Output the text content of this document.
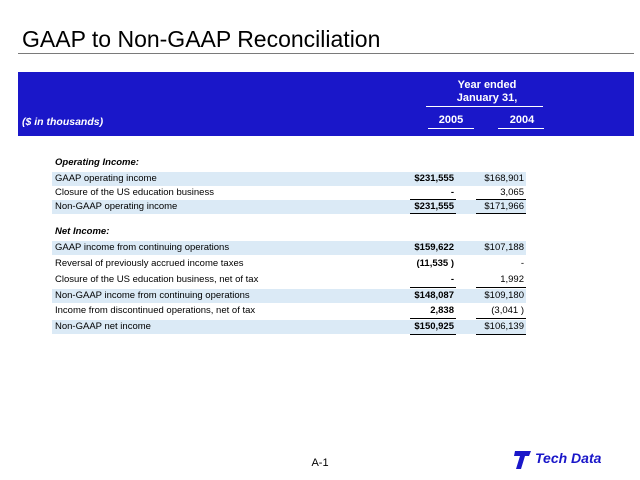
GAAP to Non-GAAP Reconciliation
Year ended
January 31,
($ in thousands)	2005	2004
Operating Income:
GAAP operating income	$231,555	$168,901
Closure of the US education business	-	3,065
Non-GAAP operating income	$231,555	$171,966
Net Income:
GAAP income from continuing operations	$159,622	$107,188
Reversal of previously accrued income taxes	(11,535 )	-
Closure of the US education business, net of tax	-	1,992
Non-GAAP income from continuing operations	$148,087	$109,180
Income from discontinued operations, net of tax	2,838	(3,041 )
Non-GAAP net income	$150,925	$106,139
A-1	Tech Data
